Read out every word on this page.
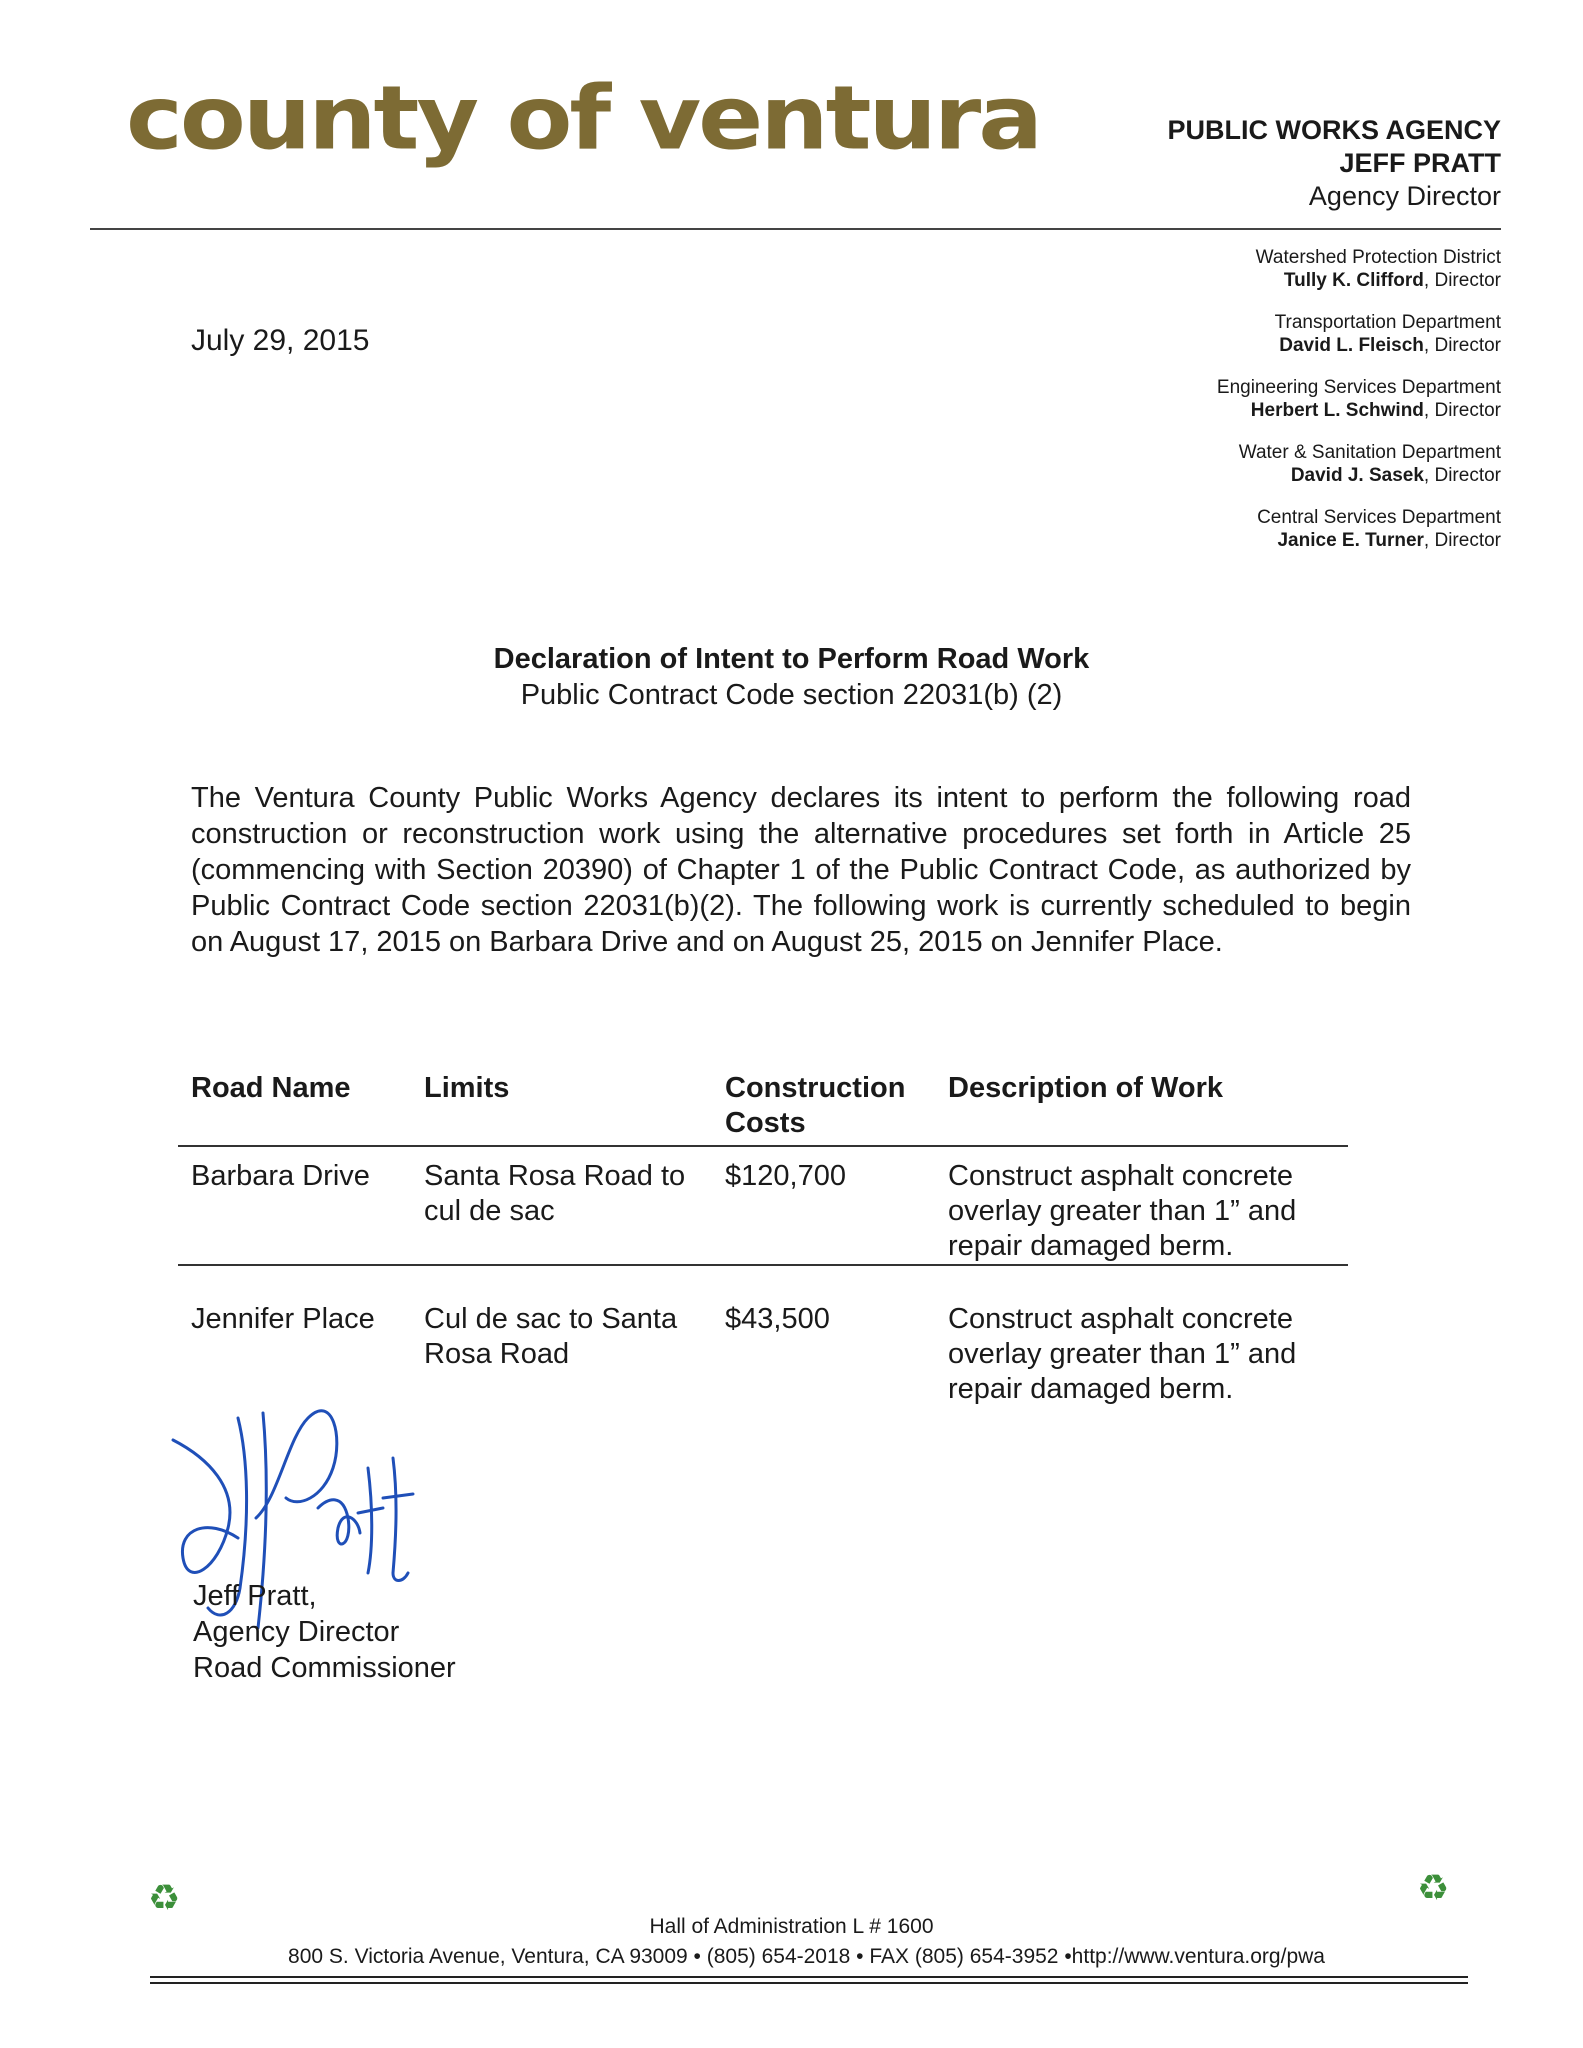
county of ventura	PUBLIC WORKS AGENCY
JEFF PRATT
Agency Director
Watershed Protection District
Tully K. Clifford, Director
Transportation Department
David L. Fleisch, Director
Engineering Services Department
Herbert L. Schwind, Director
Water & Sanitation Department
David J. Sasek, Director
Central Services Department
Janice E. Turner, Director
July 29, 2015
Declaration of Intent to Perform Road Work
Public Contract Code section 22031(b) (2)
The Ventura County Public Works Agency declares its intent to perform the following road construction or reconstruction work using the alternative procedures set forth in Article 25 (commencing with Section 20390) of Chapter 1 of the Public Contract Code, as authorized by Public Contract Code section 22031(b)(2). The following work is currently scheduled to begin on August 17, 2015 on Barbara Drive and on August 25, 2015 on Jennifer Place.
Road Name	Limits	Construction Costs	Description of Work
Barbara Drive	Santa Rosa Road to cul de sac	$120,700	Construct asphalt concrete overlay greater than 1” and repair damaged berm.
Jennifer Place	Cul de sac to Santa Rosa Road	$43,500	Construct asphalt concrete overlay greater than 1” and repair damaged berm.
Jeff Pratt,
Agency Director
Road Commissioner
♻	♻
Hall of Administration L # 1600
800 S. Victoria Avenue, Ventura, CA 93009 • (805) 654-2018 • FAX (805) 654-3952 •http://www.ventura.org/pwa
